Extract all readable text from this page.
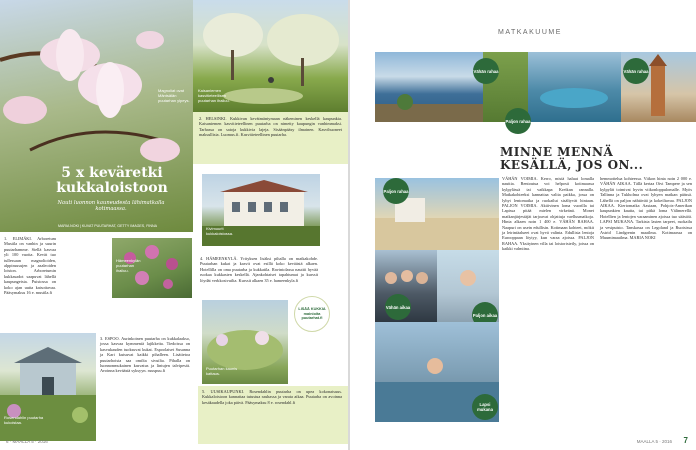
Magnoliat ovat Mäntsälän puutarhan ylpeys.
5 x keväretki kukkaloistoon
Nauti luonnon kauneudesta lähimatkalla kotimaassa.
MARIA NOKI | KUVAT PUUTARHAT, GETTY IMAGES, FINNA
Kaisaniemen kasvitieteellisen puutarhan ihailuu.
2. HELSINKI. Kukkivan kevätmäntymaan näkeminen keskellä kaupunkia. Kaisaniemen kasvitieteellinen puutarha on nimetty kaupungin vanhimmaksi. Tarhassa on satoja kukkivia lajeja. Sisäänpääsy ilmainen. Kasvihuoneet maksullisia. Luomus.fi. Kasvitieteellinen puutarha.
Kivimuurit kukkaloistossa.
1. ELIMÄKI. Arboretum Mustila on vanhin ja suurin puutarhamme. Siellä kasvaa yli 100 vuotta. Kevät tuo tullessaan magnolioiden, alppiruusujen ja azaleoiden loiston. Arboretumin kukkasadot saapuvat lähellä kaupungeista. Puistossa on koko ajan uutta katsottavaa. Pääsymaksu 16 e. mustila.fi
Hämeenkylän puutarhan ihailuu.
4. HÄMEENKYLÄ. Yrityksen lisäksi pihalla on matkakohde. Puutarhan kukat ja kasvit ovat esillä koko keväästä alkaen. Hotellilla on oma puutarha ja kukkatila. Ravintolassa nauttii hyvää ruokaa kukkasten keskellä. Ajankohtaiset tapahtumat ja kurssit löydät verkkosivuilta. Kurssit alkaen 35 e. hameenkyla.fi
LISÄÄ KUKKIA mainioita puutarhat.fi
3. ESPOO. Aurinkoinen puutarha on kukkalaakso, jossa kasvaa kymmeniä lajikkeita. Tiedoissa on kasvukauden tuoksuvat kukat. Espoolaiset Susanna ja Kari kutsuvat kaikki pihalleen. Lisätietoa puutarhoista saa omilta sivuilta. Pihalla on luonnonmukainen kasvatus ja lintujen talvipesät. Avoinna keväästä syksyyn. ruuspuu.fi
Rosendahlin puutarha kukoistaa.
Puutarhan kaunis kattaus.
5. UUSIKAUPUNKI. Rosendahlin puutarha on upea kokonaisuus. Kukkaloistoon kannattaa tutustua rauhassa ja varata aikaa. Puutarha on avoinna kesäkaudella joka päivä. Pääsymaksu 8 e. rosendahl.fi
6 · MAALLA 5 · 2016
MATKAKUUME
Vähän rahaa
Paljon rahaa
Vähän rahaa
MINNE MENNÄ KESÄLLÄ, JOS ON...
Paljon rahaa
Vähän aikaa
Paljon aikaa
Lapsi mukana
VÄHÄN VOIMIA. Kerro, mistä haluat lomalla nauttia. Rentoutua voi helposti kotimaassa kylpylässä tai vaikkapa Kreikan rannalla. Matkakohteeksi kannattaa valita paikka, jossa on lyhyt lentomatka ja ruokailut sisältyvät hintaan. PALJON VOIMIA. Aktiivinen loma vuorilla tai Lapissa pitää mielen virkeänä. Monet matkanjärjestäjät tarjoavat ohjattuja vaellusmatkoja. Hinta alkaen noin 1 400 e. VÄHÄN RAHAA. Naapuri on usein edullisin. Kotimaan kohteet, mökit ja leirintäalueet ovat hyvä valinta. Edullisia lentoja Eurooppaan löytyy, kun varaa ajoissa. PALJON RAHAA. Yksityinen villa tai loistoristeily, joissa on kaikki valmiina.
hemmottelua kohteessa. Viikon hinta noin 2 000 e. VÄHÄN AIKAA. Tällä kertaa Oivi Tampere ja sen kylpylät toimivat hyvin viikonloppulomalle. Myös Tallinna ja Tukholma ovat lyhyen matkan päässä. Lähellä on paljon nähtävää ja kokeiltavaa. PALJON AIKAA. Kiertomatka Aasiaan, Pohjois-Amerikan kaupunkien kautta, tai pitkä loma Välimerellä. Hotellien ja lentojen varaaminen ajoissa tuo säästöä. LAPSI MUKANA. Tarkista lasten tarpeet, ruokailu ja vesipuisto. Tanskassa on Legoland ja Ruotsissa Astrid Lindgrenin maailma. Kotimaassa on Muumimaailma. MARIA NOKI
MAALLA 5 · 2016 7
